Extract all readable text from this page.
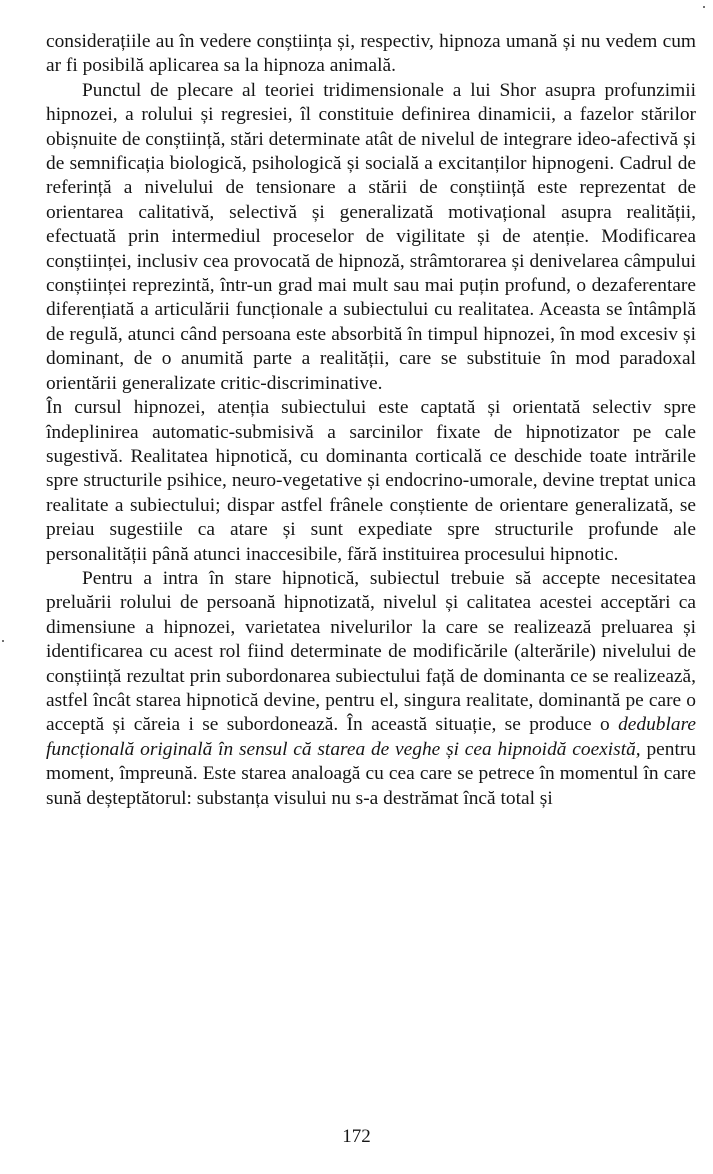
considerațiile au în vedere conștiința și, respectiv, hipnoza umană și nu vedem cum ar fi posibilă aplicarea sa la hipnoza animală.

Punctul de plecare al teoriei tridimensionale a lui Shor asupra profunzimii hipnozei, a rolului și regresiei, îl constituie definirea dinamicii, a fazelor stărilor obișnuite de conștiință, stări determinate atât de nivelul de integrare ideo-afectivă și de semnificația biologică, psihologică și socială a excitanților hipnogeni. Cadrul de referință a nivelului de tensionare a stării de conștiință este reprezentat de orientarea calitativă, selectivă și generalizată motivațional asupra realității, efectuată prin intermediul proceselor de vigilitate și de atenție. Modificarea conștiinței, inclusiv cea provocată de hipnoză, strâmtorarea și denivelarea câmpului conștiinței reprezintă, într-un grad mai mult sau mai puțin profund, o dezaferentare diferențiată a articulării funcționale a subiectului cu realitatea. Aceasta se întâmplă de regulă, atunci când persoana este absorbită în timpul hipnozei, în mod excesiv și dominant, de o anumită parte a realității, care se substituie în mod paradoxal orientării generalizate critic-discriminative.

În cursul hipnozei, atenția subiectului este captată și orientată selectiv spre îndeplinirea automatic-submisivă a sarcinilor fixate de hipnotizator pe cale sugestivă. Realitatea hipnotică, cu dominanta corticală ce deschide toate intrările spre structurile psihice, neuro-vegetative și endocrino-umorale, devine treptat unica realitate a subiectului; dispar astfel frânele conștiente de orientare generalizată, se preiau sugestiile ca atare și sunt expediate spre structurile profunde ale personalității până atunci inaccesibile, fără instituirea procesului hipnotic.

Pentru a intra în stare hipnotică, subiectul trebuie să accepte necesitatea preluării rolului de persoană hipnotizată, nivelul și calitatea acestei acceptări ca dimensiune a hipnozei, varietatea nivelurilor la care se realizează preluarea și identificarea cu acest rol fiind determinate de modificările (alterările) nivelului de conștiință rezultat prin subordonarea subiectului față de dominanta ce se realizează, astfel încât starea hipnotică devine, pentru el, singura realitate, dominantă pe care o acceptă și căreia i se subordonează. În această situație, se produce o dedublare funcțională originală în sensul că starea de veghe și cea hipnoidă coexistă, pentru moment, împreună. Este starea analoagă cu cea care se petrece în momentul în care sună deșteptătorul: substanța visului nu s-a destrămat încă total și

172
